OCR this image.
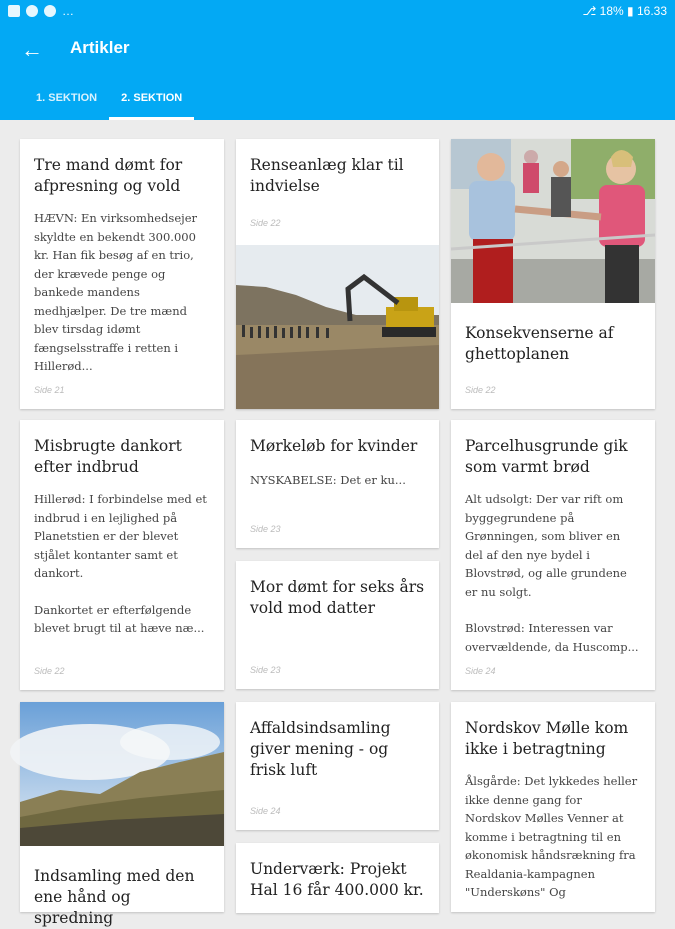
…	⎇ 18% ▮ 16.33
← Artikler
1. SEKTION	2. SEKTION
Tre mand dømt for afpresning og vold

HÆVN: En virksomhedsejer skyldte en bekendt 300.000 kr. Han fik besøg af en trio, der krævede penge og bankede mandens medhjælper. De tre mænd blev tirsdag idømt fængselsstraffe i retten i Hillerød...

Side 21
Misbrugte dankort efter indbrud

Hillerød: I forbindelse med et indbrud i en lejlighed på Planetstien er der blevet stjålet kontanter samt et dankort.

Dankortet er efterfølgende blevet brugt til at hæve næ...

Side 22
Indsamling med den ene hånd og spredning
Renseanlæg klar til indvielse
Side 22
Mørkeløb for kvinder

NYSKABELSE: Det er ku...

Side 23
Mor dømt for seks års vold mod datter
Side 23
Affaldsindsamling giver mening - og frisk luft
Side 24
Underværk: Projekt Hal 16 får 400.000 kr.
Konsekvenserne af ghettoplanen
Side 22
Parcelhusgrunde gik som varmt brød

Alt udsolgt: Der var rift om byggegrundene på Grønningen, som bliver en del af den nye bydel i Blovstrød, og alle grundene er nu solgt.

Blovstrød: Interessen var overvældende, da Huscomp...

Side 24
Nordskov Mølle kom ikke i betragtning

Ålsgårde: Det lykkedes heller ikke denne gang for Nordskov Mølles Venner at komme i betragtning til en økonomisk håndsrækning fra Realdania-kampagnen "Underskøns" Og
